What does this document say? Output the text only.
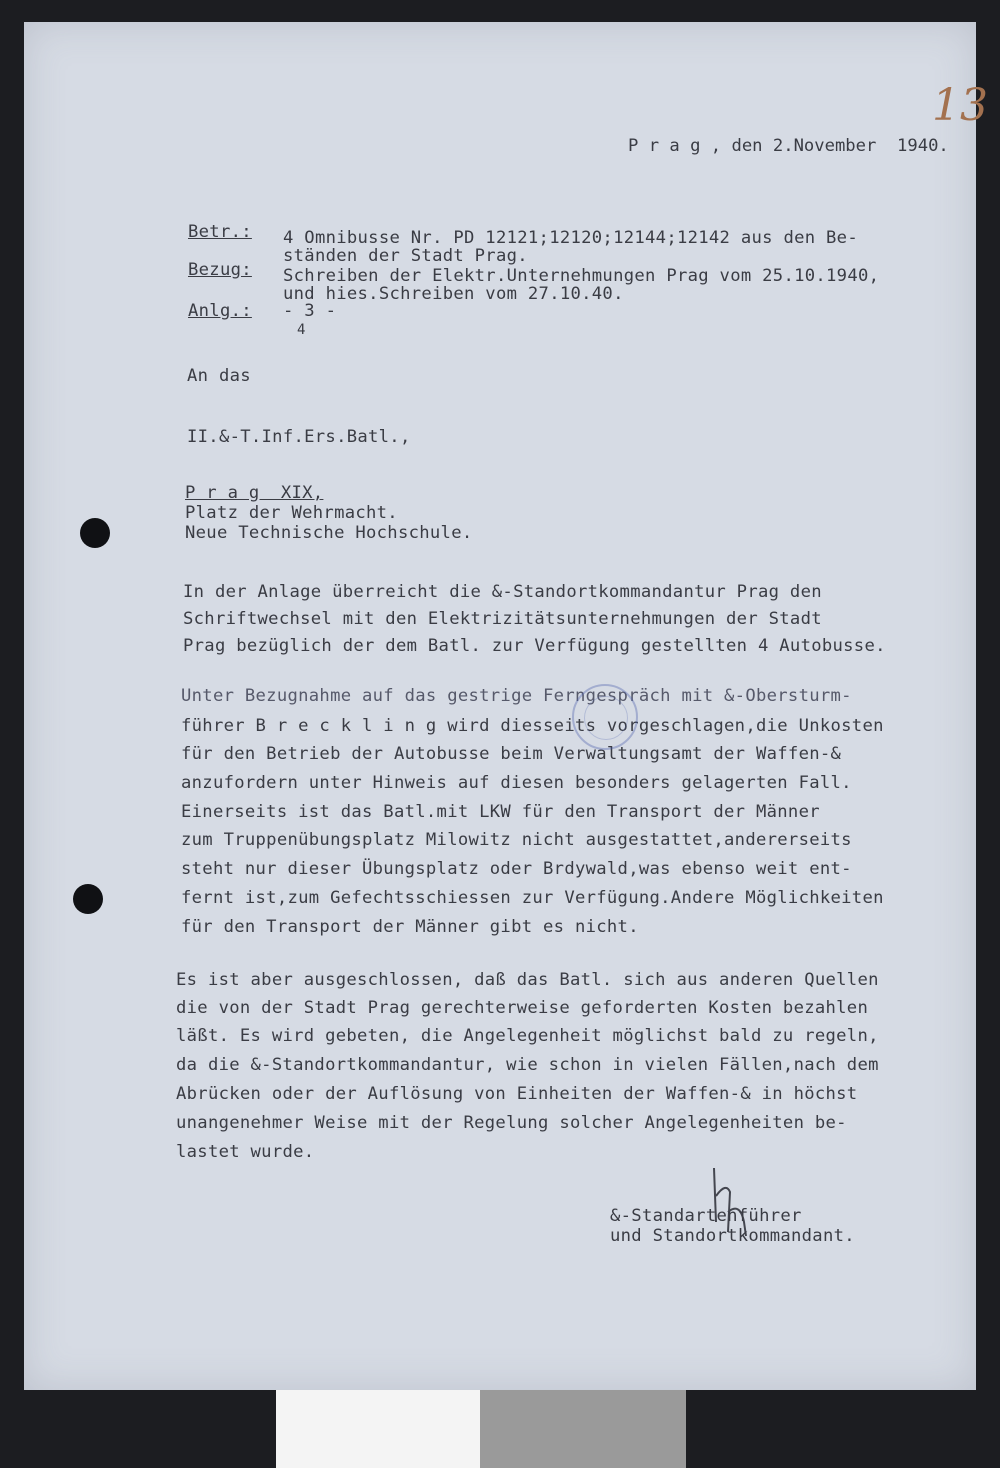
13
P r a g , den 2.November  1940.
Betr.: 4 Omnibusse Nr. PD 12121;12120;12144;12142 aus den Be-
ständen der Stadt Prag.
Bezug: Schreiben der Elektr.Unternehmungen Prag vom 25.10.1940,
und hies.Schreiben vom 27.10.40.
Anlg.: - 3 -
4
An das
II.&-T.Inf.Ers.Batl.,
P r a g  XIX,
Platz der Wehrmacht.
Neue Technische Hochschule.
In der Anlage überreicht die &-Standortkommandantur Prag den
Schriftwechsel mit den Elektrizitätsunternehmungen der Stadt
Prag bezüglich der dem Batl. zur Verfügung gestellten 4 Autobusse.
Unter Bezugnahme auf das gestrige Ferngespräch mit &-Obersturm-
führer B r e c k l i n g wird diesseits vorgeschlagen,die Unkosten
für den Betrieb der Autobusse beim Verwaltungsamt der Waffen-&
anzufordern unter Hinweis auf diesen besonders gelagerten Fall.
Einerseits ist das Batl.mit LKW für den Transport der Männer
zum Truppenübungsplatz Milowitz nicht ausgestattet,andererseits
steht nur dieser Übungsplatz oder Brdywald,was ebenso weit ent-
fernt ist,zum Gefechtsschiessen zur Verfügung.Andere Möglichkeiten
für den Transport der Männer gibt es nicht.
Es ist aber ausgeschlossen, daß das Batl. sich aus anderen Quellen
die von der Stadt Prag gerechterweise geforderten Kosten bezahlen
läßt. Es wird gebeten, die Angelegenheit möglichst bald zu regeln,
da die &-Standortkommandantur, wie schon in vielen Fällen,nach dem
Abrücken oder der Auflösung von Einheiten der Waffen-& in höchst
unangenehmer Weise mit der Regelung solcher Angelegenheiten be-
lastet wurde.
&-Standartenführer
und Standortkommandant.
